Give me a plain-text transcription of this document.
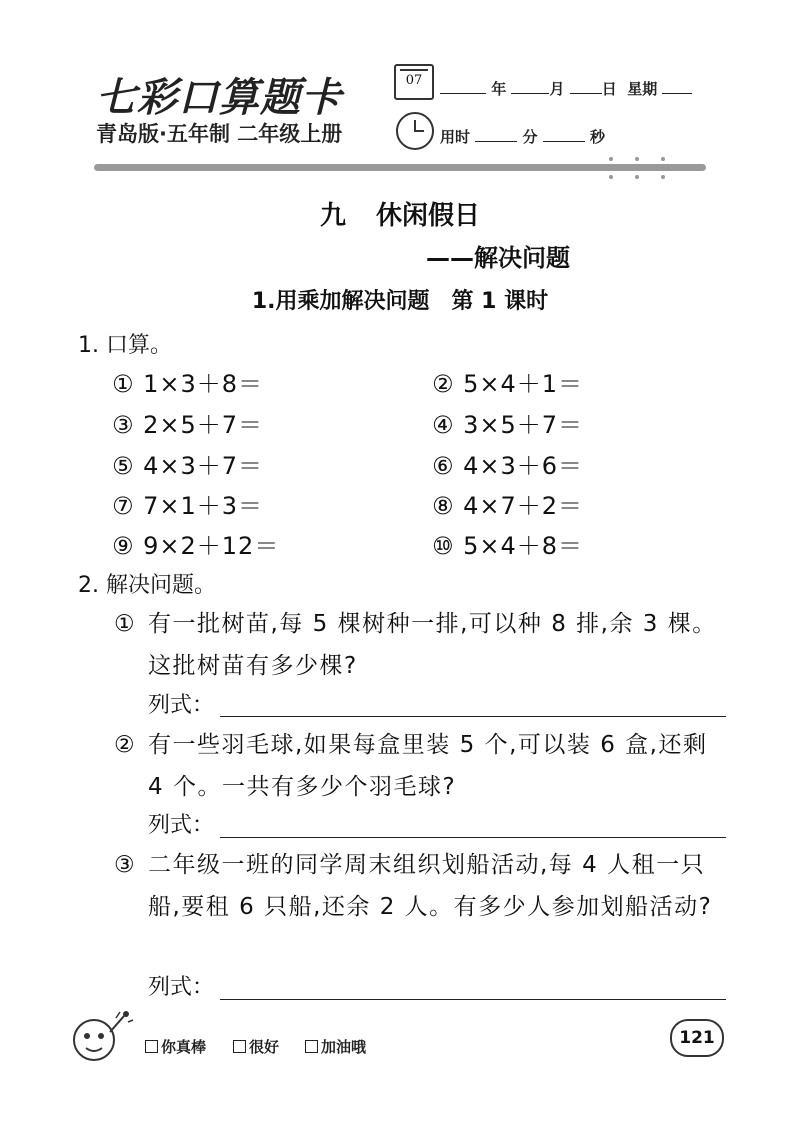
七彩口算题卡
青岛版·五年制 二年级上册
07	年	月 日 星期
用时	分	秒
九 休闲假日
——解决问题
1.用乘加解决问题　第 1 课时
1. 口算。
① 1×3＋8＝	② 5×4＋1＝
③ 2×5＋7＝	④ 3×5＋7＝
⑤ 4×3＋7＝	⑥ 4×3＋6＝
⑦ 7×1＋3＝	⑧ 4×7＋2＝
⑨ 9×2＋12＝	⑩ 5×4＋8＝
2. 解决问题。
① 有一批树苗,每 5 棵树种一排,可以种 8 排,余 3 棵。这批树苗有多少棵?
列式：
② 有一些羽毛球,如果每盒里装 5 个,可以装 6 盒,还剩 4 个。一共有多少个羽毛球?
列式：
③ 二年级一班的同学周末组织划船活动,每 4 人租一只船,要租 6 只船,还余 2 人。有多少人参加划船活动?
列式：
你真棒	很好	加油哦	121
